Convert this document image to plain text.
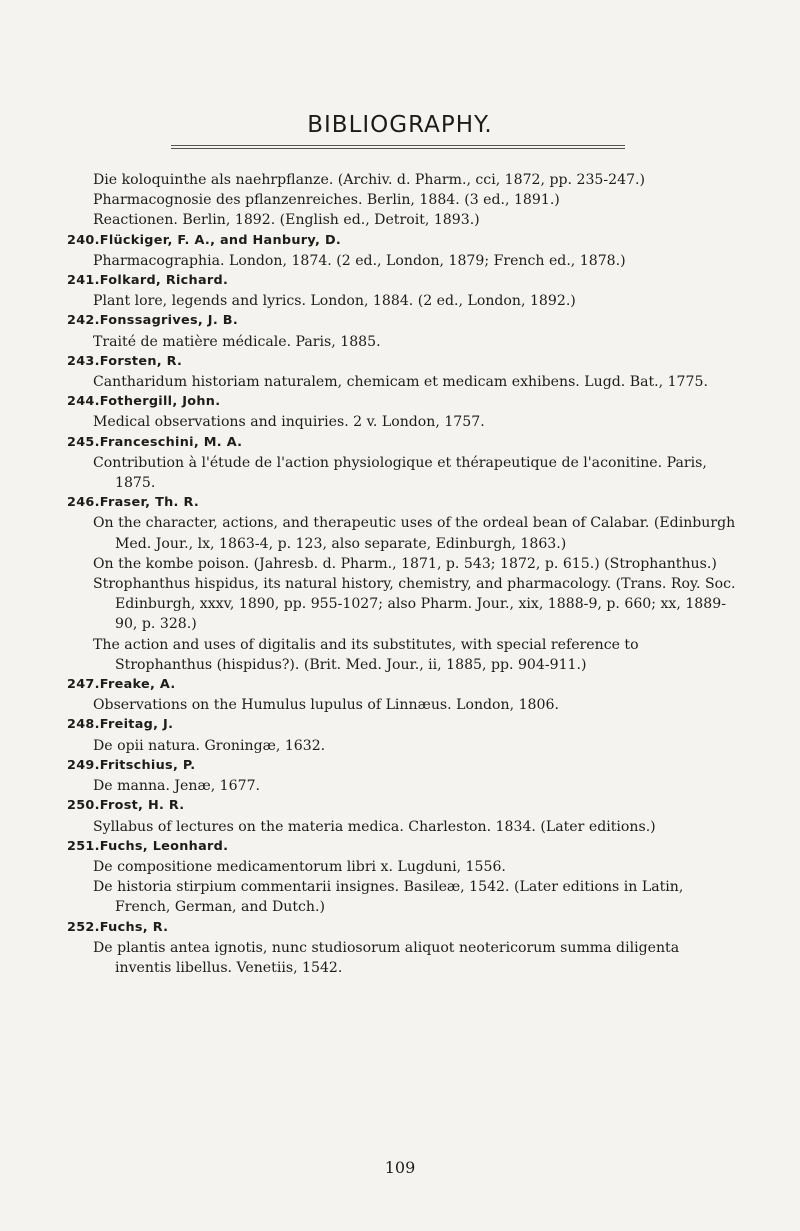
BIBLIOGRAPHY.

Die koloquinthe als naehrpflanze. (Archiv. d. Pharm., cci, 1872, pp. 235-247.)

Pharmacognosie des pflanzenreiches. Berlin, 1884. (3 ed., 1891.)

Reactionen. Berlin, 1892. (English ed., Detroit, 1893.)

240.Flückiger, F. A., and Hanbury, D.

Pharmacographia. London, 1874. (2 ed., London, 1879; French ed., 1878.)

241.Folkard, Richard.

Plant lore, legends and lyrics. London, 1884. (2 ed., London, 1892.)

242.Fonssagrives, J. B.

Traité de matière médicale. Paris, 1885.

243.Forsten, R.

Cantharidum historiam naturalem, chemicam et medicam exhibens. Lugd. Bat., 1775.

244.Fothergill, John.

Medical observations and inquiries. 2 v. London, 1757.

245.Franceschini, M. A.

Contribution à l'étude de l'action physiologique et thérapeutique de l'aconitine. Paris, 1875.

246.Fraser, Th. R.

On the character, actions, and therapeutic uses of the ordeal bean of Calabar. (Edinburgh Med. Jour., lx, 1863-4, p. 123, also separate, Edinburgh, 1863.)

On the kombe poison. (Jahresb. d. Pharm., 1871, p. 543; 1872, p. 615.) (Strophanthus.)

Strophanthus hispidus, its natural history, chemistry, and pharmacology. (Trans. Roy. Soc. Edinburgh, xxxv, 1890, pp. 955-1027; also Pharm. Jour., xix, 1888-9, p. 660; xx, 1889-90, p. 328.)

The action and uses of digitalis and its substitutes, with special reference to Strophanthus (hispidus?). (Brit. Med. Jour., ii, 1885, pp. 904-911.)

247.Freake, A.

Observations on the Humulus lupulus of Linnæus. London, 1806.

248.Freitag, J.

De opii natura. Groningæ, 1632.

249.Fritschius, P.

De manna. Jenæ, 1677.

250.Frost, H. R.

Syllabus of lectures on the materia medica. Charleston. 1834. (Later editions.)

251.Fuchs, Leonhard.

De compositione medicamentorum libri x. Lugduni, 1556.

De historia stirpium commentarii insignes. Basileæ, 1542. (Later editions in Latin, French, German, and Dutch.)

252.Fuchs, R.

De plantis antea ignotis, nunc studiosorum aliquot neotericorum summa diligenta inventis libellus. Venetiis, 1542.

109
